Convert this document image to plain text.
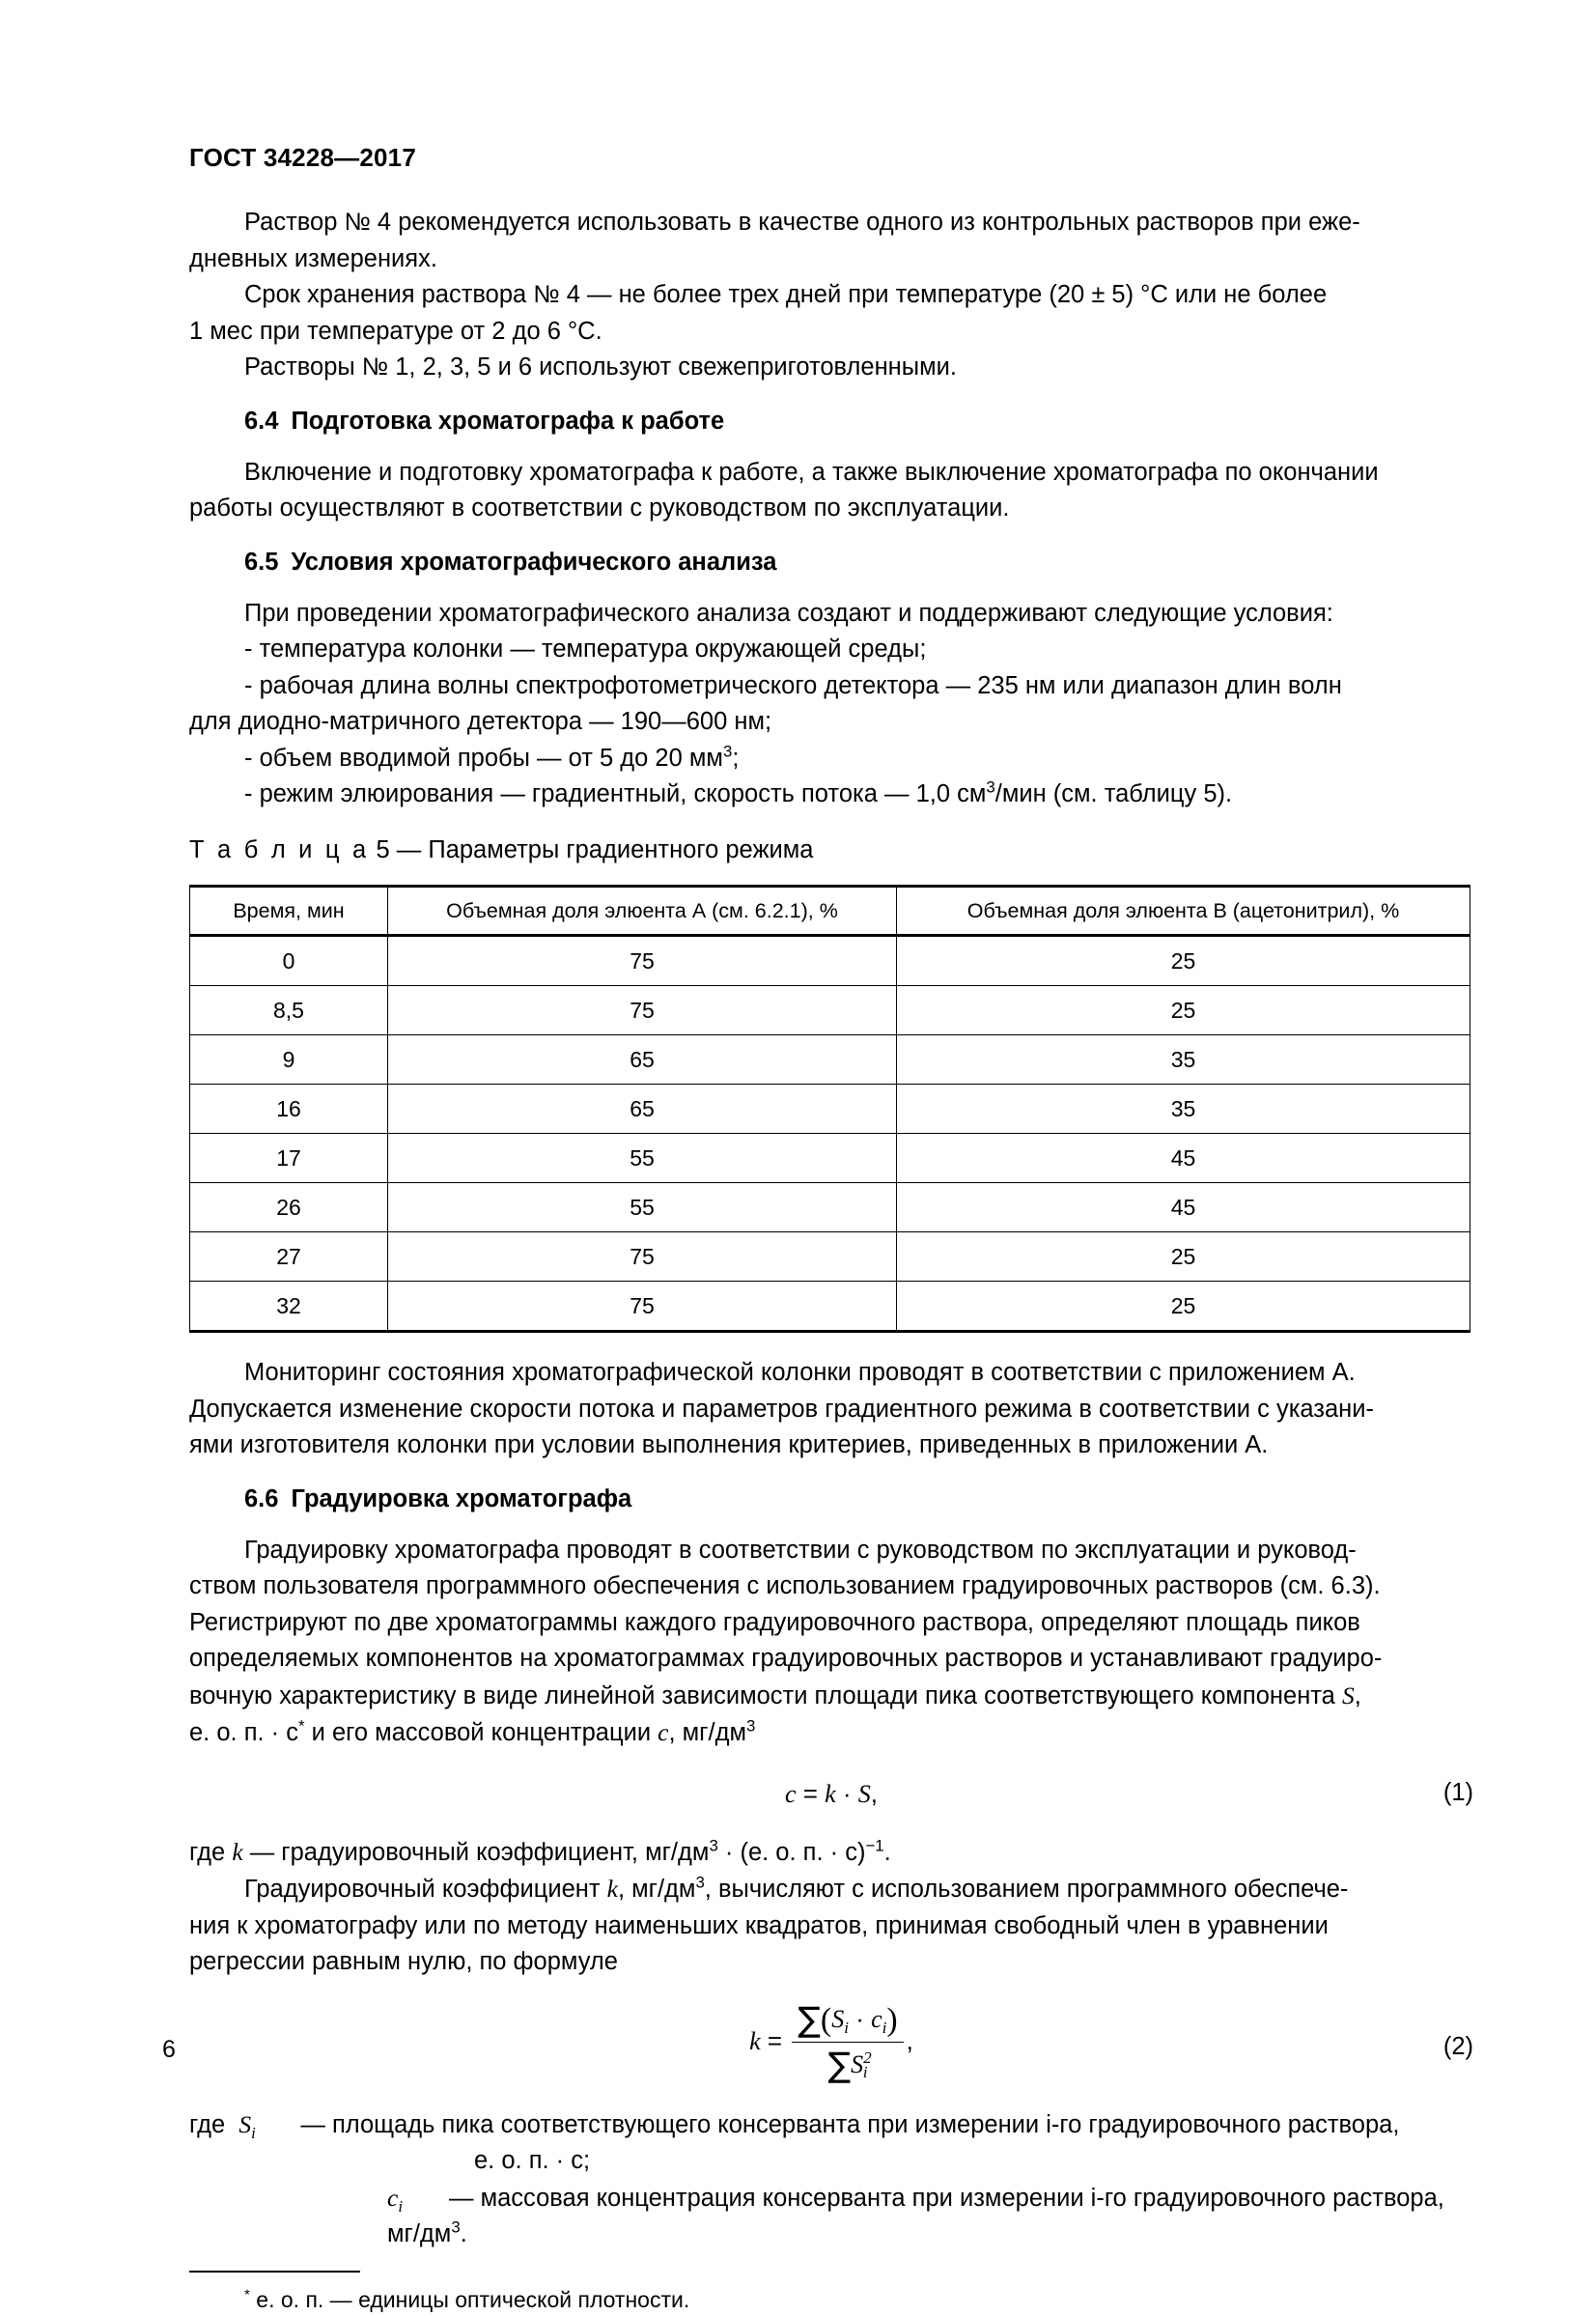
ГОСТ 34228—2017

Раствор № 4 рекомендуется использовать в качестве одного из контрольных растворов при еже-

дневных измерениях.

Срок хранения раствора № 4 — не более трех дней при температуре (20 ± 5) °C или не более

1 мес при температуре от 2 до 6 °C.

Растворы № 1, 2, 3, 5 и 6 используют свежеприготовленными.

6.4 Подготовка хроматографа к работе

Включение и подготовку хроматографа к работе, а также выключение хроматографа по окончании

работы осуществляют в соответствии с руководством по эксплуатации.

6.5 Условия хроматографического анализа

При проведении хроматографического анализа создают и поддерживают следующие условия:

- температура колонки — температура окружающей среды;

- рабочая длина волны спектрофотометрического детектора — 235 нм или диапазон длин волн

для диодно-матричного детектора — 190—600 нм;

- объем вводимой пробы — от 5 до 20 $мм^3$;

- режим элюирования — градиентный, скорость потока — 1,0 $см^3$/мин (см. таблицу 5).

Т а б л и ц а 5 — Параметры градиентного режима

Время, мин	Объемная доля элюента А (см. 6.2.1), %	Объемная доля элюента В (ацетонитрил), %
0	75	25
8,5	75	25
9	65	35
16	65	35
17	55	45
26	55	45
27	75	25
32	75	25

Мониторинг состояния хроматографической колонки проводят в соответствии с приложением А.

Допускается изменение скорости потока и параметров градиентного режима в соответствии с указани-

ями изготовителя колонки при условии выполнения критериев, приведенных в приложении А.

6.6 Градуировка хроматографа

Градуировку хроматографа проводят в соответствии с руководством по эксплуатации и руковод-

ством пользователя программного обеспечения с использованием градуировочных растворов (см. 6.3).

Регистрируют по две хроматограммы каждого градуировочного раствора, определяют площадь пиков

определяемых компонентов на хроматограммах градуировочных растворов и устанавливают градуиро-

вочную характеристику в виде линейной зависимости площади пика соответствующего компонента S,

е. о. п. · с* и его массовой концентрации c, $мг/дм^3$

c = k · S,	(1)

где k — градуировочный коэффициент, $мг/дм^3 \cdot (е$. о. п. · с)$^{-1}$.

Градуировочный коэффициент k, $мг/дм^3$, вычисляют с использованием программного обеспече-

ния к хроматографу или по методу наименьших квадратов, принимая свободный член в уравнении

регрессии равным нулю, по формуле

$k = \frac{\sum(S_i \cdot c_i)}{\sum S^2_i}$ ,	(2)

где $S_i$ — площадь пика соответствующего консерванта при измерении i-го градуировочного раствора,

е. о. п. · с;

$c_i$ — массовая концентрация консерванта при измерении i-го градуировочного раствора, $мг/дм^3$.

* е. о. п. — единицы оптической плотности.

6
